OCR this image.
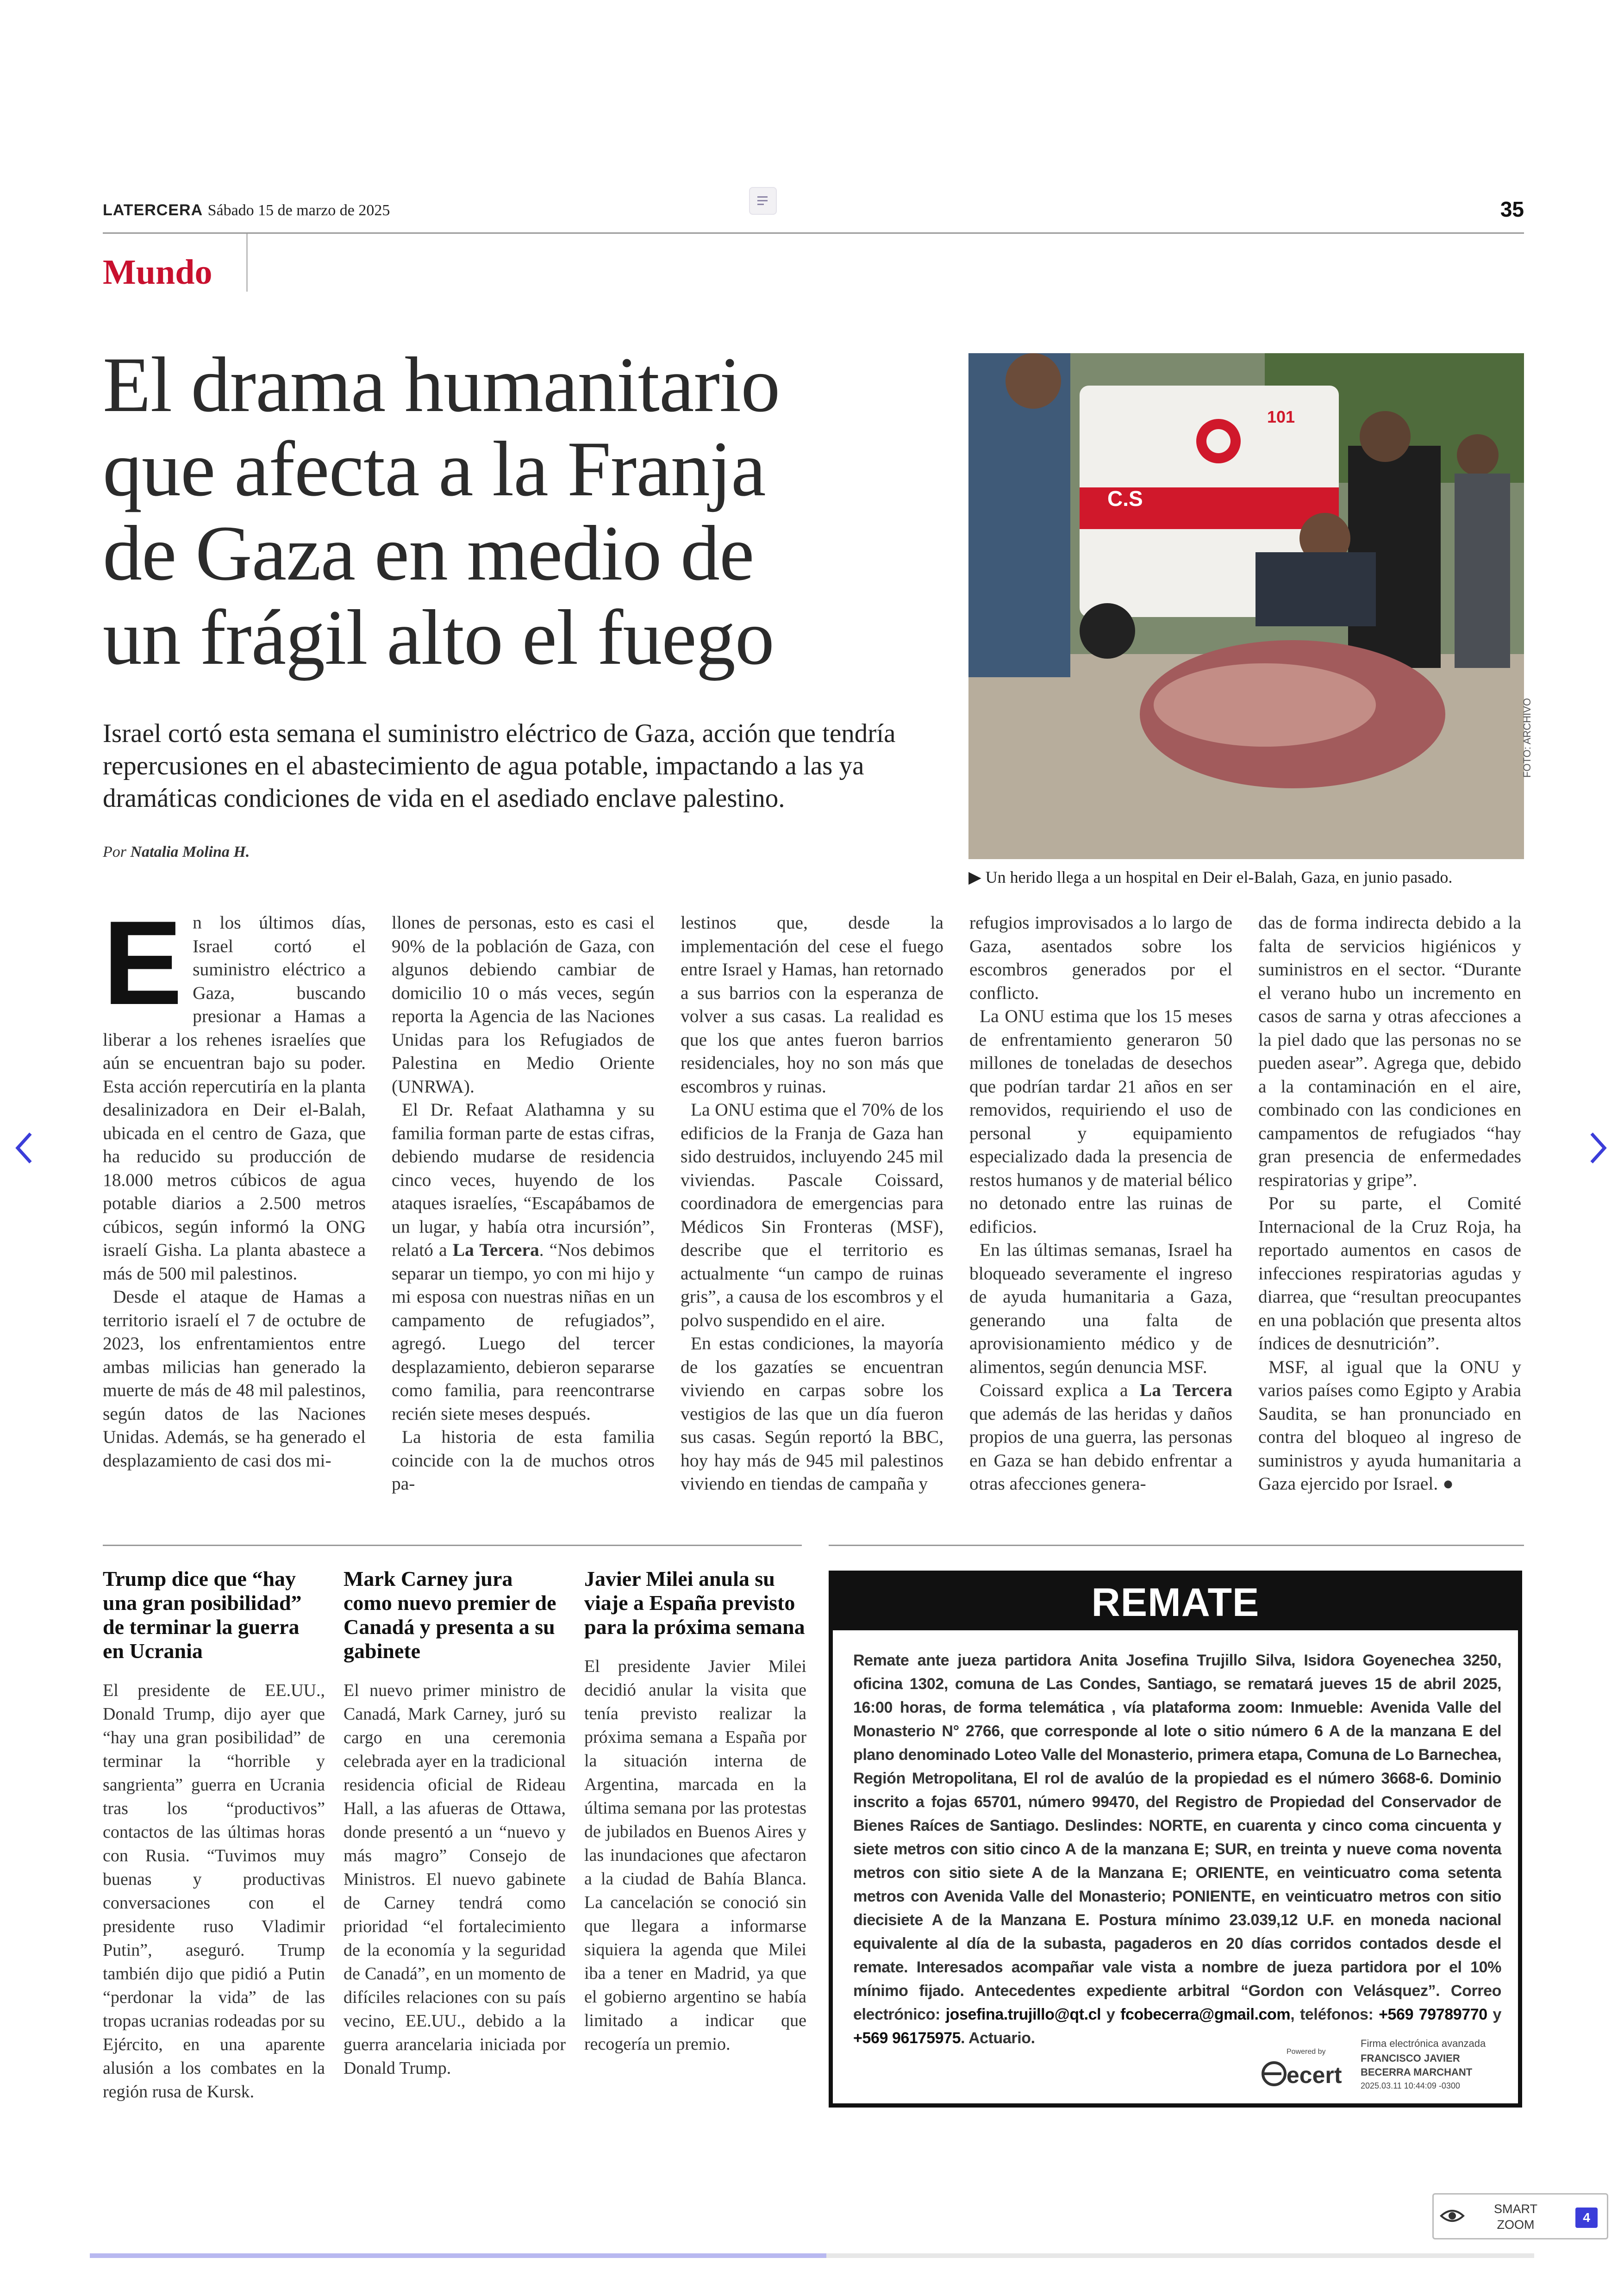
LATERCERA Sábado 15 de marzo de 2025	35
Mundo
El drama humanitario
que afecta a la Franja
de Gaza en medio de
un frágil alto el fuego
Israel cortó esta semana el suministro eléctrico de Gaza, acción que tendría repercusiones en el abastecimiento de agua potable, impactando a las ya dramáticas condiciones de vida en el asediado enclave palestino.
Por Natalia Molina H.
C.S
101
FOTO: ARCHIVO
▶ Un herido llega a un hospital en Deir el-Balah, Gaza, en junio pasado.

En los últimos días, Israel cortó el suministro eléctrico a Gaza, buscando presionar a Hamas a liberar a los rehenes israelíes que aún se encuentran bajo su poder. Esta acción repercutiría en la planta desalinizadora en Deir el-Balah, ubicada en el centro de Gaza, que ha reducido su producción de 18.000 metros cúbicos de agua potable diarios a 2.500 metros cúbicos, según informó la ONG israelí Gisha. La planta abastece a más de 500 mil palestinos.

Desde el ataque de Hamas a territorio israelí el 7 de octubre de 2023, los enfrentamientos entre ambas milicias han generado la muerte de más de 48 mil palestinos, según datos de las Naciones Unidas. Además, se ha generado el desplazamiento de casi dos mi-

llones de personas, esto es casi el 90% de la población de Gaza, con algunos debiendo cambiar de domicilio 10 o más veces, según reporta la Agencia de las Naciones Unidas para los Refugiados de Palestina en Medio Oriente (UNRWA).

El Dr. Refaat Alathamna y su familia forman parte de estas cifras, debiendo mudarse de residencia cinco veces, huyendo de los ataques israelíes, “Escapábamos de un lugar, y había otra incursión”, relató a La Tercera. “Nos debimos separar un tiempo, yo con mi hijo y mi esposa con nuestras niñas en un campamento de refugiados”, agregó. Luego del tercer desplazamiento, debieron separarse como familia, para reencontrarse recién siete meses después.

La historia de esta familia coincide con la de muchos otros pa-

lestinos que, desde la implementación del cese el fuego entre Israel y Hamas, han retornado a sus barrios con la esperanza de volver a sus casas. La realidad es que los que antes fueron barrios residenciales, hoy no son más que escombros y ruinas.

La ONU estima que el 70% de los edificios de la Franja de Gaza han sido destruidos, incluyendo 245 mil viviendas. Pascale Coissard, coordinadora de emergencias para Médicos Sin Fronteras (MSF), describe que el territorio es actualmente “un campo de ruinas gris”, a causa de los escombros y el polvo suspendido en el aire.

En estas condiciones, la mayoría de los gazatíes se encuentran viviendo en carpas sobre los vestigios de las que un día fueron sus casas. Según reportó la BBC, hoy hay más de 945 mil palestinos viviendo en tiendas de campaña y

refugios improvisados a lo largo de Gaza, asentados sobre los escombros generados por el conflicto.

La ONU estima que los 15 meses de enfrentamiento generaron 50 millones de toneladas de desechos que podrían tardar 21 años en ser removidos, requiriendo el uso de personal y equipamiento especializado dada la presencia de restos humanos y de material bélico no detonado entre las ruinas de edificios.

En las últimas semanas, Israel ha bloqueado severamente el ingreso de ayuda humanitaria a Gaza, generando una falta de aprovisionamiento médico y de alimentos, según denuncia MSF.

Coissard explica a La Tercera que además de las heridas y daños propios de una guerra, las personas en Gaza se han debido enfrentar a otras afecciones genera-

das de forma indirecta debido a la falta de servicios higiénicos y suministros en el sector. “Durante el verano hubo un incremento en casos de sarna y otras afecciones a la piel dado que las personas no se pueden asear”. Agrega que, debido a la contaminación en el aire, combinado con las condiciones en campamentos de refugiados “hay gran presencia de enfermedades respiratorias y gripe”.

Por su parte, el Comité Internacional de la Cruz Roja, ha reportado aumentos en casos de infecciones respiratorias agudas y diarrea, que “resultan preocupantes en una población que presenta altos índices de desnutrición”.

MSF, al igual que la ONU y varios países como Egipto y Arabia Saudita, se han pronunciado en contra del bloqueo al ingreso de suministros y ayuda humanitaria a Gaza ejercido por Israel. ●

Trump dice que “hay una gran posibilidad” de terminar la guerra en Ucrania
El presidente de EE.UU., Donald Trump, dijo ayer que “hay una gran posibilidad” de terminar la “horrible y sangrienta” guerra en Ucrania tras los “productivos” contactos de las últimas horas con Rusia. “Tuvimos muy buenas y productivas conversaciones con el presidente ruso Vladimir Putin”, aseguró. Trump también dijo que pidió a Putin “perdonar la vida” de las tropas ucranias rodeadas por su Ejército, en una aparente alusión a los combates en la región rusa de Kursk.
Mark Carney jura como nuevo premier de Canadá y presenta a su gabinete
El nuevo primer ministro de Canadá, Mark Carney, juró su cargo en una ceremonia celebrada ayer en la tradicional residencia oficial de Rideau Hall, a las afueras de Ottawa, donde presentó a un “nuevo y más magro” Consejo de Ministros. El nuevo gabinete de Carney tendrá como prioridad “el fortalecimiento de la economía y la seguridad de Canadá”, en un momento de difíciles relaciones con su país vecino, EE.UU., debido a la guerra arancelaria iniciada por Donald Trump.
Javier Milei anula su viaje a España previsto para la próxima semana
El presidente Javier Milei decidió anular la visita que tenía previsto realizar la próxima semana a España por la situación interna de Argentina, marcada en la última semana por las protestas de jubilados en Buenos Aires y las inundaciones que afectaron a la ciudad de Bahía Blanca. La cancelación se conoció sin que llegara a informarse siquiera la agenda que Milei iba a tener en Madrid, ya que el gobierno argentino se había limitado a indicar que recogería un premio.
REMATE
Remate ante jueza partidora Anita Josefina Trujillo Silva, Isidora Goyenechea 3250, oficina 1302, comuna de Las Condes, Santiago, se rematará jueves 15 de abril 2025, 16:00 horas, de forma telemática , vía plataforma zoom: Inmueble: Avenida Valle del Monasterio N° 2766, que corresponde al lote o sitio número 6 A de la manzana E del plano denominado Loteo Valle del Monasterio, primera etapa, Comuna de Lo Barnechea, Región Metropolitana, El rol de avalúo de la propiedad es el número 3668-6. Dominio inscrito a fojas 65701, número 99470, del Registro de Propiedad del Conservador de Bienes Raíces de Santiago. Deslindes: NORTE, en cuarenta y cinco coma cincuenta y siete metros con sitio cinco A de la manzana E; SUR, en treinta y nueve coma noventa metros con sitio siete A de la Manzana E; ORIENTE, en veinticuatro coma setenta metros con Avenida Valle del Monasterio; PONIENTE, en veinticuatro metros con sitio diecisiete A de la Manzana E. Postura mínimo 23.039,12 U.F. en moneda nacional equivalente al día de la subasta, pagaderos en 20 días corridos contados desde el remate. Interesados acompañar vale vista a nombre de jueza partidora por el 10% mínimo fijado. Antecedentes expediente arbitral “Gordon con Velásquez”. Correo electrónico: josefina.trujillo@qt.cl y fcobecerra@gmail.com, teléfonos: +569 79789770 y +569 96175975. Actuario.
Powered by
ecert
Firma electrónica avanzada
FRANCISCO JAVIER
BECERRA MARCHANT
2025.03.11 10:44:09 -0300
SMART
ZOOM	4
